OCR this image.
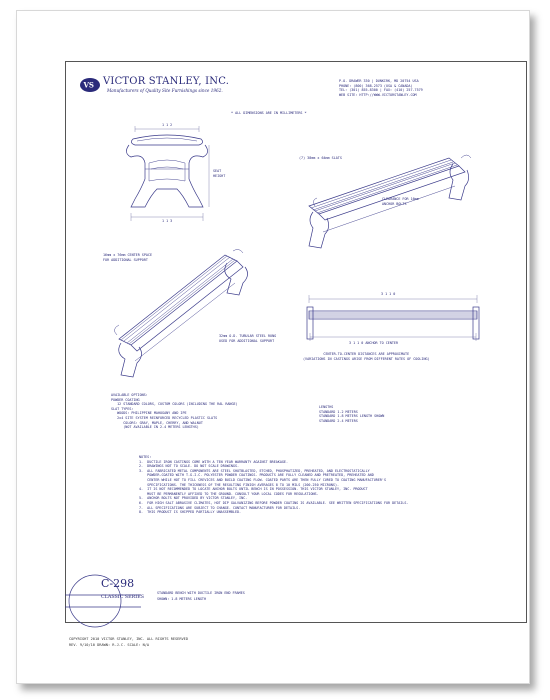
VS VICTOR STANLEY, INC.
Manufacturers of Quality Site Furnishings since 1962.
P.O. DRAWER 330 | DUNKIRK, MD 20754 USA
PHONE: (800) 368-2573 (USA & CANADA)
TEL: (301) 855-8300 | FAX: (410) 257-7579
WEB SITE: HTTP://WWW.VICTORSTANLEY.COM
* ALL DIMENSIONS ARE IN MILLIMETERS *
1 1 2
1 1 3
SEAT
HEIGHT
(7) 38mm x 64mm SLATS
CLEARANCE FOR 16mm
ANCHOR BOLTS
16mm x 76mm CENTER SPACE
FOR ADDITIONAL SUPPORT
32mm O.D. TUBULAR STEEL RUNG
USED FOR ADDITIONAL SUPPORT
3 1 1 0
3 1 1 0 ANCHOR TO CENTER
CENTER-TO-CENTER DISTANCES ARE APPROXIMATE
(VARIATIONS IN CASTINGS ARISE FROM DIFFERENT RATES OF COOLING)
AVAILABLE OPTIONS:
POWDER COATING
12 STANDARD COLORS, CUSTOM COLORS (INCLUDING THE RAL RANGE)
SLAT TYPES:
WOODS: PHILIPPINE MAHOGANY AND IPE
2x4 SITE SYSTEM REINFORCED RECYCLED PLASTIC SLATS
COLORS: GRAY, MAPLE, CHERRY, AND WALNUT
(NOT AVAILABLE IN 2.4 METERS LENGTHS)
LENGTHS
STANDARD 1.2 METERS
STANDARD 1.8 METERS LENGTH SHOWN
STANDARD 2.4 METERS
NOTES:
1.  DUCTILE IRON CASTINGS COME WITH A TEN YEAR WARRANTY AGAINST BREAKAGE.
2.  DRAWINGS NOT TO SCALE. DO NOT SCALE DRAWINGS.
3.  ALL FABRICATED METAL COMPONENTS ARE STEEL SHOTBLASTED, ETCHED, PHOSPHATIZED, PREHEATED, AND ELECTROSTATICALLY
POWDER-COATED WITH T.G.I.C. POLYESTER POWDER COATINGS. PRODUCTS ARE FULLY CLEANED AND PRETREATED, PREHEATED AND
CENTER WHILE HOT TO FILL CREVICES AND BUILD COATING FLOW. COATED PARTS ARE THEN FULLY CURED TO COATING MANUFACTURER'S
SPECIFICATIONS. THE THICKNESS OF THE RESULTING FINISH AVERAGES 8 TO 10 MILS (200-250 MICRONS).
4.  IT IS NOT RECOMMENDED TO LOCATE ANCHOR BOLTS UNTIL BENCH IS IN POSSESSION. THIS VICTOR STANLEY, INC. PRODUCT
MUST BE PERMANENTLY AFFIXED TO THE GROUND. CONSULT YOUR LOCAL CODES FOR REGULATIONS.
5.  ANCHOR BOLTS NOT PROVIDED BY VICTOR STANLEY, INC.
6.  FOR HIGH SALT ABRASIVE CLIMATES, HOT DIP GALVANIZING BEFORE POWDER COATING IS AVAILABLE. SEE WRITTEN SPECIFICATIONS FOR DETAILS.
7.  ALL SPECIFICATIONS ARE SUBJECT TO CHANGE. CONTACT MANUFACTURER FOR DETAILS.
8.  THIS PRODUCT IS SHIPPED PARTIALLY UNASSEMBLED.
C-298
CLASSIC SERIES
STANDARD BENCH WITH DUCTILE IRON END FRAMES
SHOWN: 1.8 METERS LENGTH
COPYRIGHT 2010 VICTOR STANLEY, INC. ALL RIGHTS RESERVED
REV. 9/10/10 DRAWN: R.J.C. SCALE: N/A
